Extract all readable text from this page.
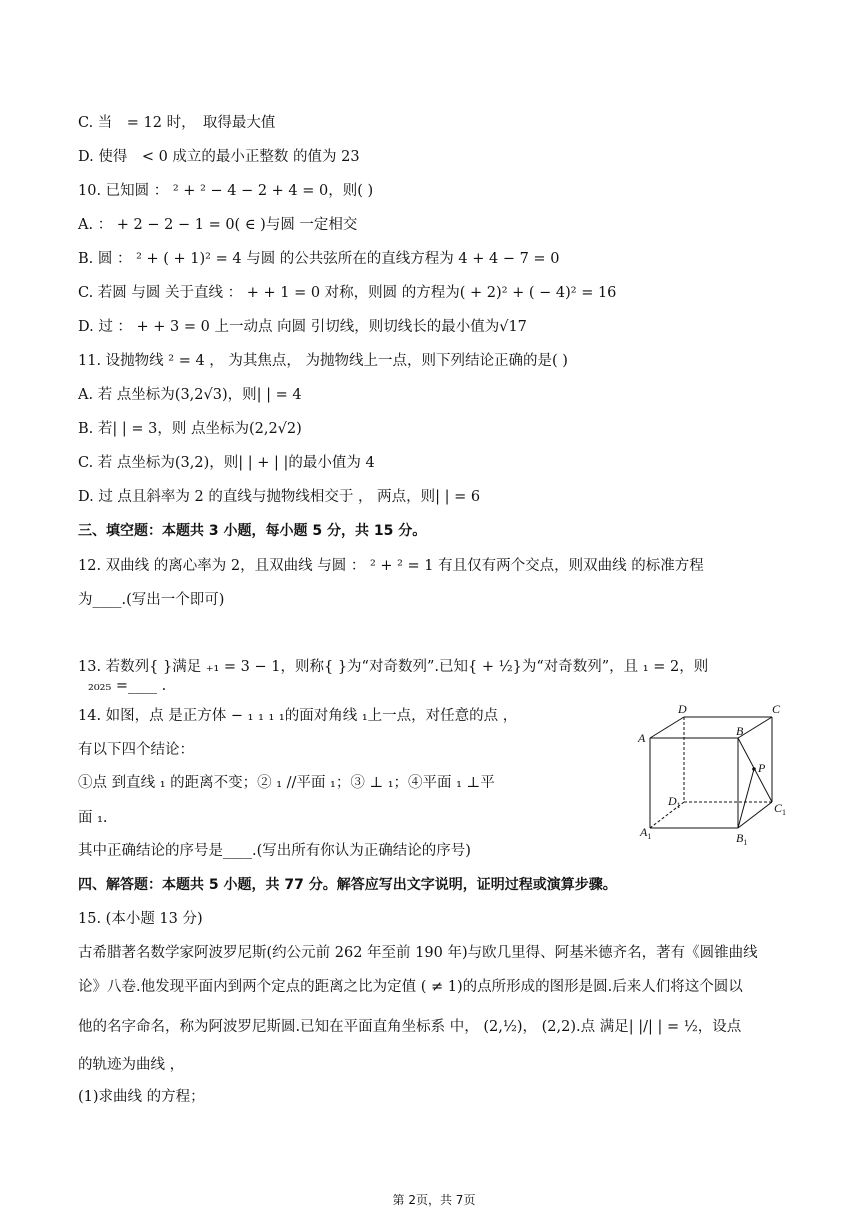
C. 当　= 12 时，　取得最大值
D. 使得　< 0 成立的最小正整数 的值为 23
10. 已知圆 ： ² + ² − 4 − 2 + 4 = 0，则( )
A. ： + 2 − 2 − 1 = 0( ∈ )与圆 一定相交
B. 圆 ： ² + ( + 1)² = 4 与圆 的公共弦所在的直线方程为 4 + 4 − 7 = 0
C. 若圆 与圆 关于直线 ： + + 1 = 0 对称，则圆 的方程为( + 2)² + ( − 4)² = 16
D. 过 ： + + 3 = 0 上一动点 向圆 引切线，则切线长的最小值为√17
11. 设抛物线 ² = 4 ， 为其焦点， 为抛物线上一点，则下列结论正确的是( )
A. 若 点坐标为(3,2√3)，则| | = 4
B. 若| | = 3，则 点坐标为(2,2√2)
C. 若 点坐标为(3,2)，则| | + | |的最小值为 4
D. 过 点且斜率为 2 的直线与抛物线相交于 ， 两点，则| | = 6
三、填空题：本题共 3 小题，每小题 5 分，共 15 分。
12. 双曲线 的离心率为 2，且双曲线 与圆 ： ² + ² = 1 有且仅有两个交点，则双曲线 的标准方程
为____.(写出一个即可)
13. 若数列{ }满足 ₊₁ = 3 − 1，则称{ }为“对奇数列”.已知{ + ½}为“对奇数列”，且 ₁ = 2，则
₂₀₂₅ =____ .
14. 如图，点 是正方体 − ₁ ₁ ₁ ₁的面对角线 ₁上一点，对任意的点 ，
有以下四个结论：
①点 到直线 ₁ 的距离不变；② ₁ //平面 ₁；③ ⊥ ₁；④平面 ₁ ⊥平
面 ₁.
其中正确结论的序号是____.(写出所有你认为正确结论的序号)
四、解答题：本题共 5 小题，共 77 分。解答应写出文字说明，证明过程或演算步骤。
15. (本小题 13 分)
古希腊著名数学家阿波罗尼斯(约公元前 262 年至前 190 年)与欧几里得、阿基米德齐名，著有《圆锥曲线
论》八卷.他发现平面内到两个定点的距离之比为定值 ( ≠ 1)的点所形成的图形是圆.后来人们将这个圆以
他的名字命名，称为阿波罗尼斯圆.已知在平面直角坐标系 中， (2,½)， (2,2).点 满足| |/| | = ½，设点
的轨迹为曲线 ，
(1)求曲线 的方程；
D	C
A	B
P
$D_1$	$C_1$
$A_1$	$B_1$
第 2页，共 7页
